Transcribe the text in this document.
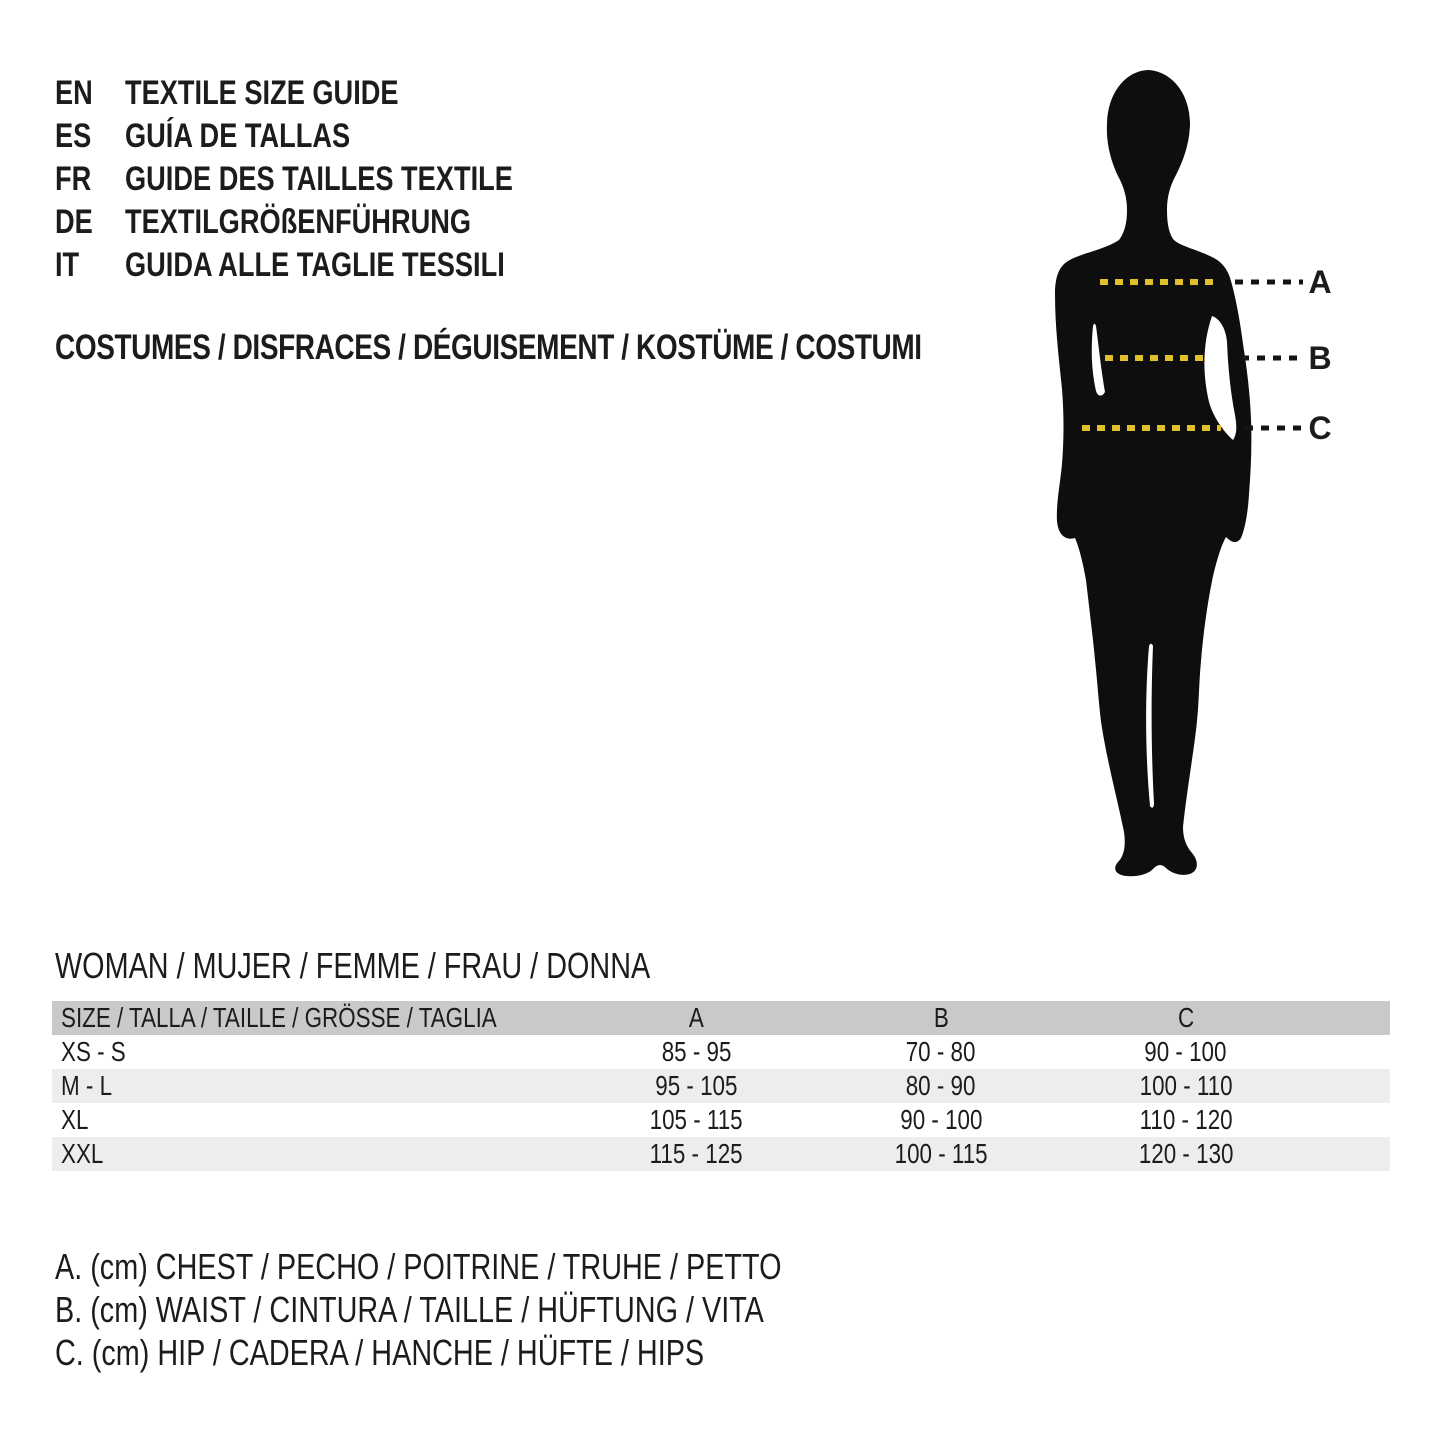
EN TEXTILE SIZE GUIDE
ES GUÍA DE TALLAS
FR GUIDE DES TAILLES TEXTILE
DE TEXTILGRÖßENFÜHRUNG
IT	GUIDA ALLE TAGLIE TESSILI
COSTUMES / DISFRACES / DÉGUISEMENT / KOSTÜME / COSTUMI
A
B
C
WOMAN / MUJER / FEMME / FRAU / DONNA
SIZE / TALLA / TAILLE / GRÖSSE / TAGLIA	A	B	C
XS - S	85 - 95	70 - 80	90 - 100
M - L	95 - 105	80 - 90	100 - 110
XL	105 - 115	90 - 100	110 - 120
XXL	115 - 125	100 - 115	120 - 130
A. (cm) CHEST / PECHO / POITRINE / TRUHE / PETTO
B. (cm) WAIST / CINTURA / TAILLE / HÜFTUNG / VITA
C. (cm) HIP / CADERA / HANCHE / HÜFTE / HIPS
